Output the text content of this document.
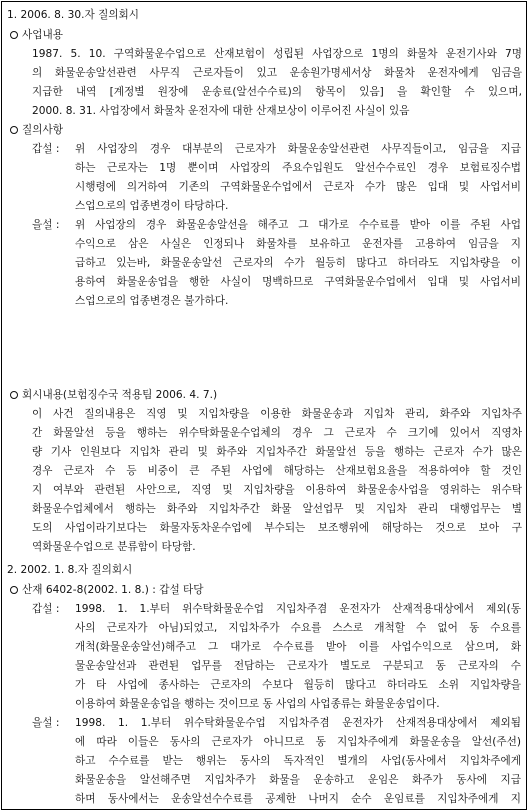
1. 2006. 8. 30.자 질의회시
사업내용
1987. 5. 10. 구역화물운수업으로 산재보험이 성립된 사업장으로 1명의 화물차 운전기사와 7명
의 화물운송알선관련 사무직 근로자들이 있고 운송원가명세서상 화물차 운전자에게 임금을
지급한 내역 [계정별 원장에 운송료(알선수수료)의 항목이 있음] 을 확인할 수 있으며,
2000. 8. 31. 사업장에서 화물차 운전자에 대한 산재보상이 이루어진 사실이 있음
질의사항
갑설 : 위 사업장의 경우 대부분의 근로자가 화물운송알선관련 사무직들이고, 임금을 지급
하는 근로자는 1명 뿐이며 사업장의 주요수입원도 알선수수료인 경우 보험료징수법
시행령에 의거하여 기존의 구역화물운수업에서 근로자 수가 많은 입대 및 사업서비
스업으로의 업종변경이 타당하다.
을설 : 위 사업장의 경우 화물운송알선을 해주고 그 대가로 수수료를 받아 이를 주된 사업
수익으로 삼은 사실은 인정되나 화물차를 보유하고 운전자를 고용하여 임금을 지
급하고 있는바, 화물운송알선 근로자의 수가 월등히 많다고 하더라도 지입차량을 이
용하여 화물운송업을 행한 사실이 명백하므로 구역화물운수업에서 입대 및 사업서비
스업으로의 업종변경은 불가하다.
회시내용(보험징수국 적용팀 2006. 4. 7.)
이 사건 질의내용은 직영 및 지입차량을 이용한 화물운송과 지입차 관리, 화주와 지입차주
간 화물알선 등을 행하는 위수탁화물운수업체의 경우 그 근로자 수 크기에 있어서 직영차
량 기사 인원보다 지입차 관리 및 화주와 지입차주간 화물알선 등을 행하는 근로자 수가 많은
경우 근로자 수 등 비중이 큰 주된 사업에 해당하는 산재보험요율을 적용하여야 할 것인
지 여부와 관련된 사안으로, 직영 및 지입차량을 이용하여 화물운송사업을 영위하는 위수탁
화물운수업체에서 행하는 화주와 지입차주간 화물 알선업무 및 지입차 관리 대행업무는 별
도의 사업이라기보다는 화물자동차운수업에 부수되는 보조행위에 해당하는 것으로 보아 구
역화물운수업으로 분류함이 타당함.
2. 2002. 1. 8.자 질의회시
산재 6402-8(2002. 1. 8.) : 갑설 타당
갑설 : 1998. 1. 1.부터 위수탁화물운수업 지입차주겸 운전자가 산재적용대상에서 제외(동
사의 근로자가 아님)되었고, 지입차주가 수요를 스스로 개척할 수 없어 동 수요를
개척(화물운송알선)해주고 그 대가로 수수료를 받아 이를 사업수익으로 삼으며, 화
물운송알선과 관련된 업무를 전담하는 근로자가 별도로 구분되고 동 근로자의 수
가 타 사업에 종사하는 근로자의 수보다 월등히 많다고 하더라도 소위 지입차량을
이용하여 화물운송업을 행하는 것이므로 동 사업의 사업종류는 화물운송업이다.
을설 : 1998. 1. 1.부터 위수탁화물운수업 지입차주겸 운전자가 산재적용대상에서 제외됨
에 따라 이들은 동사의 근로자가 아니므로 동 지입차주에게 화물운송을 알선(주선)
하고 수수료를 받는 행위는 동사의 독자적인 별개의 사업(동사에서 지입차주에게
화물운송을 알선해주면 지입차주가 화물을 운송하고 운임은 화주가 동사에 지급
하며 동사에서는 운송알선수수료를 공제한 나머지 순수 운임료를 지입차주에게 지
